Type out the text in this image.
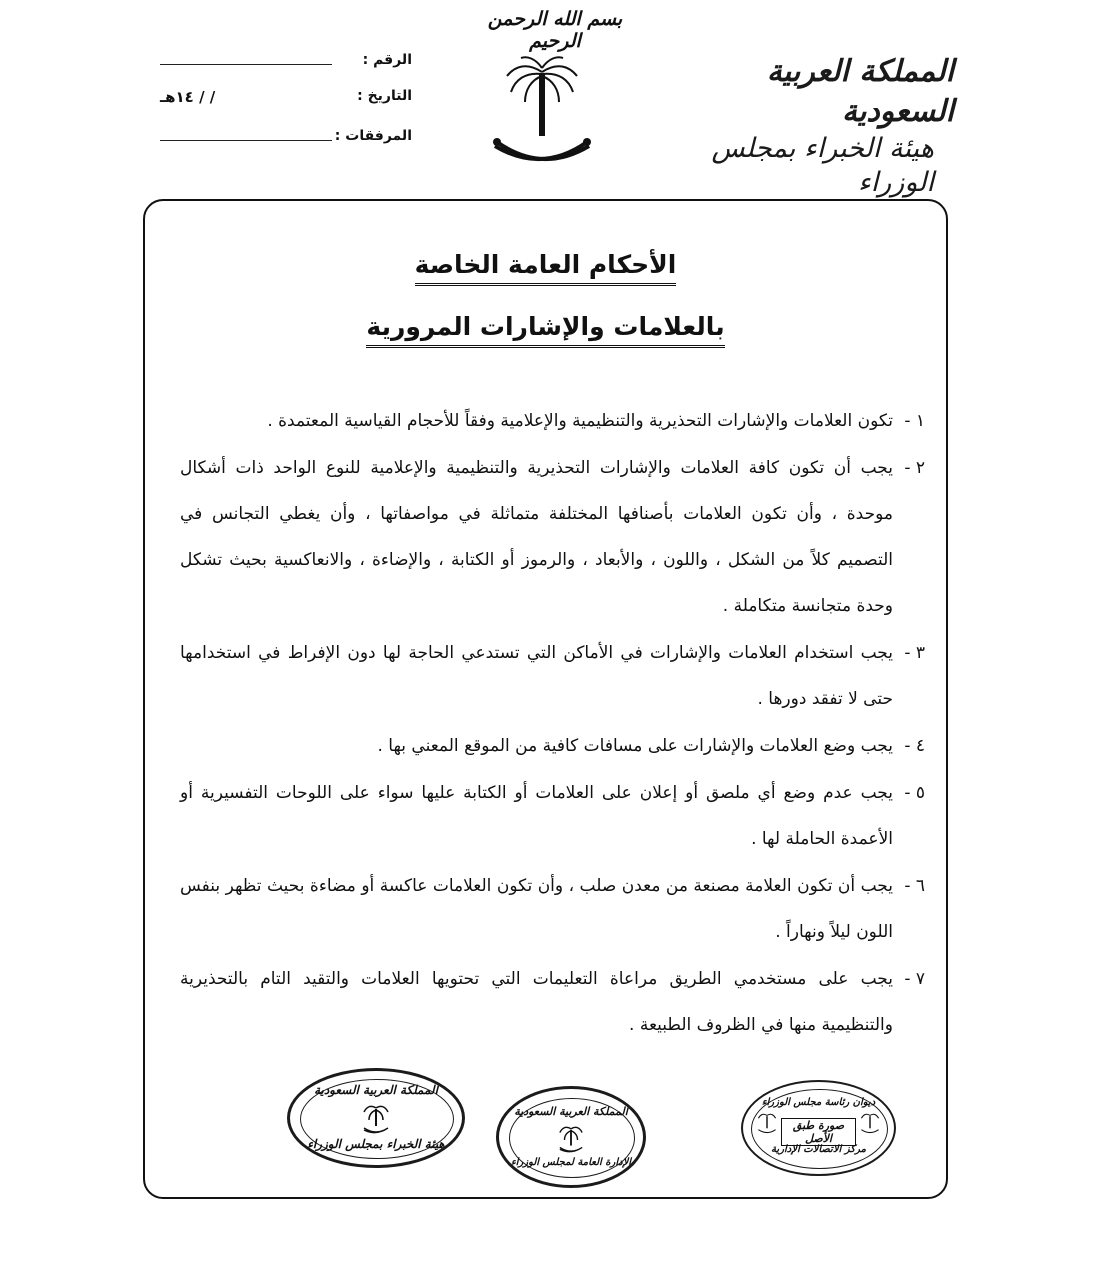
بسم الله الرحمن الرحيم
المملكة العربية السعودية
هيئة الخبراء بمجلس الوزراء
الرقم :
التاريخ :
/ / ١٤هـ
المرفقات :
الأحكام العامة الخاصة
بالعلامات والإشارات المرورية
١ -
تكون العلامات والإشارات التحذيرية والتنظيمية والإعلامية وفقاً للأحجام القياسية المعتمدة .
٢ -
يجب أن تكون كافة العلامات والإشارات التحذيرية والتنظيمية والإعلامية للنوع الواحد ذات أشكال موحدة ، وأن تكون العلامات بأصنافها المختلفة متماثلة في مواصفاتها ، وأن يغطي التجانس في التصميم كلاً من الشكل ، واللون ، والأبعاد ، والرموز أو الكتابة ، والإضاءة ، والانعاكسية بحيث تشكل وحدة متجانسة متكاملة .
٣ -
يجب استخدام العلامات والإشارات في الأماكن التي تستدعي الحاجة لها دون الإفراط في استخدامها حتى لا تفقد دورها .
٤ -
يجب وضع العلامات والإشارات على مسافات كافية من الموقع المعني بها .
٥ -
يجب عدم وضع أي ملصق أو إعلان على العلامات أو الكتابة عليها سواء على اللوحات التفسيرية أو الأعمدة الحاملة لها .
٦ -
يجب أن تكون العلامة مصنعة من معدن صلب ، وأن تكون العلامات عاكسة أو مضاءة بحيث تظهر بنفس اللون ليلاً ونهاراً .
٧ -
يجب على مستخدمي الطريق مراعاة التعليمات التي تحتويها العلامات والتقيد التام بالتحذيرية والتنظيمية منها في الظروف الطبيعة .
المملكة العربية السعودية
هيئة الخبراء بمجلس الوزراء
المملكة العربية السعودية
الإدارة العامة لمجلس الوزراء
ديوان رئاسة مجلس الوزراء
صورة طبق الأصل
مركز الاتصالات الإدارية
